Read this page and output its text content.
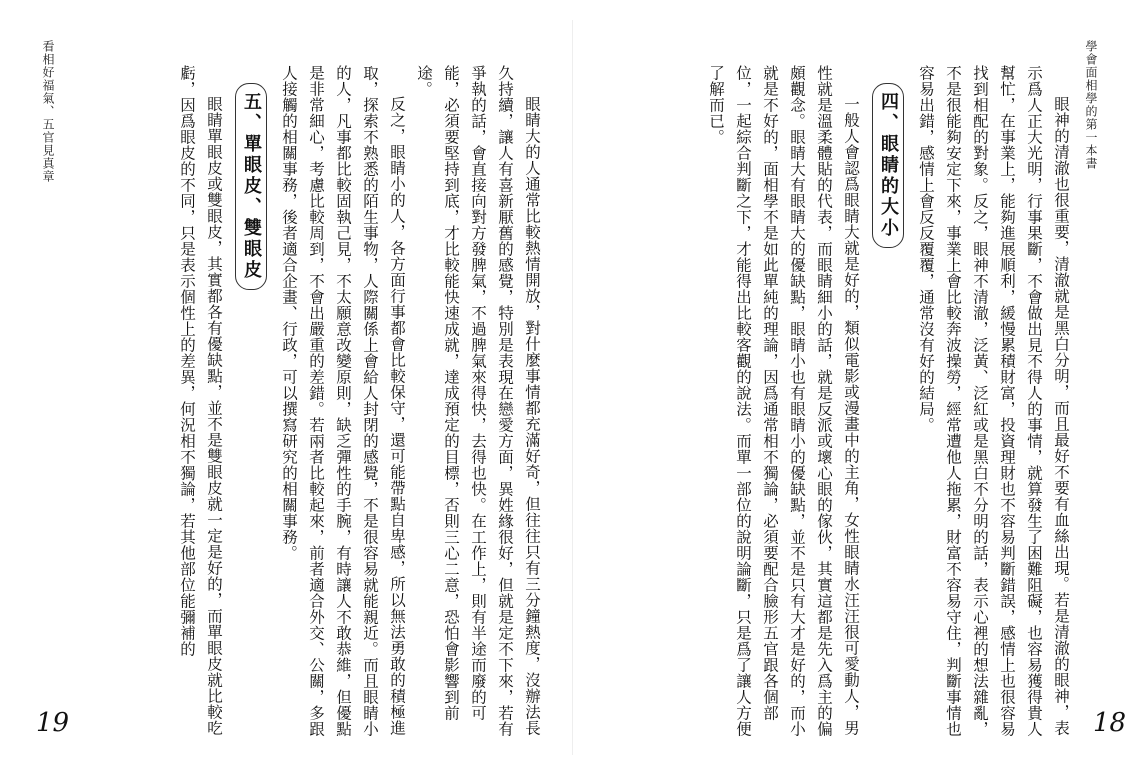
學會面相學的第一本書

眼神的清澈也很重要，清澈就是黑白分明，而且最好不要有血絲出現。若是清澈的眼神，表示爲人正大光明，行事果斷，不會做出見不得人的事情，就算發生了困難阻礙，也容易獲得貴人幫忙，在事業上，能夠進展順利，緩慢累積財富，投資理財也不容易判斷錯誤，感情上也很容易找到相配的對象。反之，眼神不清澈，泛黃、泛紅或是黑白不分明的話，表示心裡的想法雜亂，不是很能夠安定下來，事業上會比較奔波操勞，經常遭他人拖累，財富不容易守住，判斷事情也容易出錯，感情上會反反覆覆，通常沒有好的結局。

四、眼睛的大小

一般人會認爲眼睛大就是好的，類似電影或漫畫中的主角，女性眼睛水汪汪很可愛動人，男性就是溫柔體貼的代表，而眼睛細小的話，就是反派或壞心眼的傢伙，其實這都是先入爲主的偏頗觀念。眼睛大有眼睛大的優缺點，眼睛小也有眼睛小的優缺點，並不是只有大才是好的，而小就是不好的，面相學不是如此單純的理論，因爲通常相不獨論，必須要配合臉形五官跟各個部位，一起綜合判斷之下，才能得出比較客觀的說法。而單一部位的說明論斷，只是爲了讓人方便了解而已。

18
看相好福氣、五官見真章	眼睛大的人通常比較熱情開放，對什麼事情都充滿好奇，但往往只有三分鐘熱度，沒辦法長久持續，讓人有喜新厭舊的感覺，特別是表現在戀愛方面，異姓緣很好，但就是定不下來，若有爭執的話，會直接向對方發脾氣，不過脾氣來得快，去得也快。在工作上，則有半途而廢的可能，必須要堅持到底，才比較能快速成就，達成預定的目標，否則三心二意，恐怕會影響到前途。

反之，眼睛小的人，各方面行事都會比較保守，還可能帶點自卑感，所以無法勇敢的積極進取，探索不熟悉的陌生事物，人際關係上會給人封閉的感覺，不是很容易就能親近。而且眼睛小的人，凡事都比較固執己見，不太願意改變原則，缺乏彈性的手腕，有時讓人不敢恭維，但優點是非常細心，考慮比較周到，不會出嚴重的差錯。若兩者比較起來，前者適合外交、公關，多跟人接觸的相關事務，後者適合企畫、行政，可以撰寫研究的相關事務。

五、單眼皮、雙眼皮

眼睛單眼皮或雙眼皮，其實都各有優缺點，並不是雙眼皮就一定是好的，而單眼皮就比較吃虧，因爲眼皮的不同，只是表示個性上的差異，何況相不獨論，若其他部位能彌補的

19
